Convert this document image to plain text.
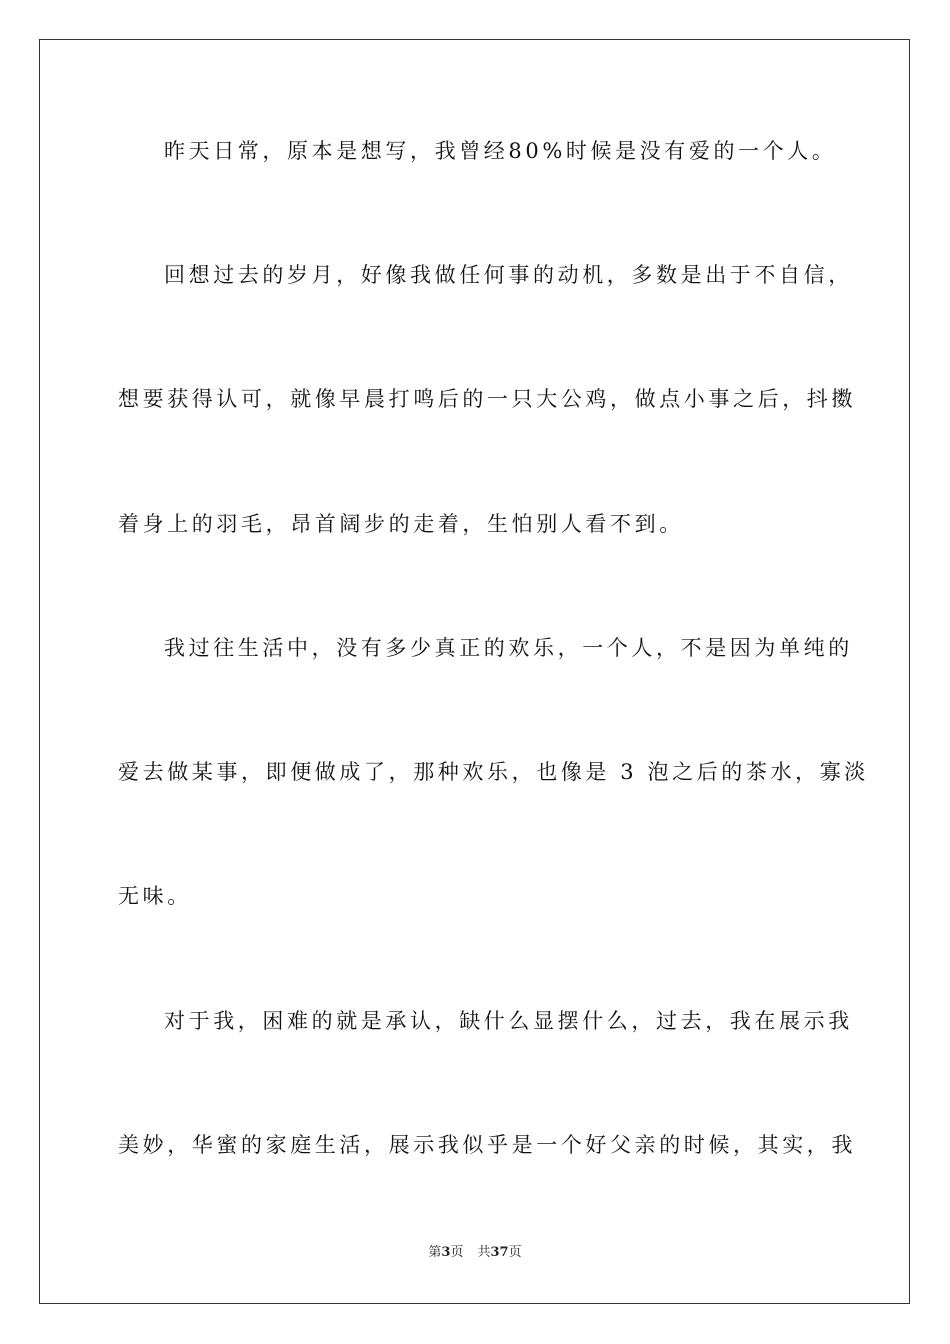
昨天日常，原本是想写，我曾经80%时候是没有爱的一个人。
回想过去的岁月，好像我做任何事的动机，多数是出于不自信，
想要获得认可，就像早晨打鸣后的一只大公鸡，做点小事之后，抖擞
着身上的羽毛，昂首阔步的走着，生怕别人看不到。
我过往生活中，没有多少真正的欢乐，一个人，不是因为单纯的
爱去做某事，即便做成了，那种欢乐，也像是 3 泡之后的茶水，寡淡
无味。
对于我，困难的就是承认，缺什么显摆什么，过去，我在展示我
美妙，华蜜的家庭生活，展示我似乎是一个好父亲的时候，其实，我
第3页 共37页
